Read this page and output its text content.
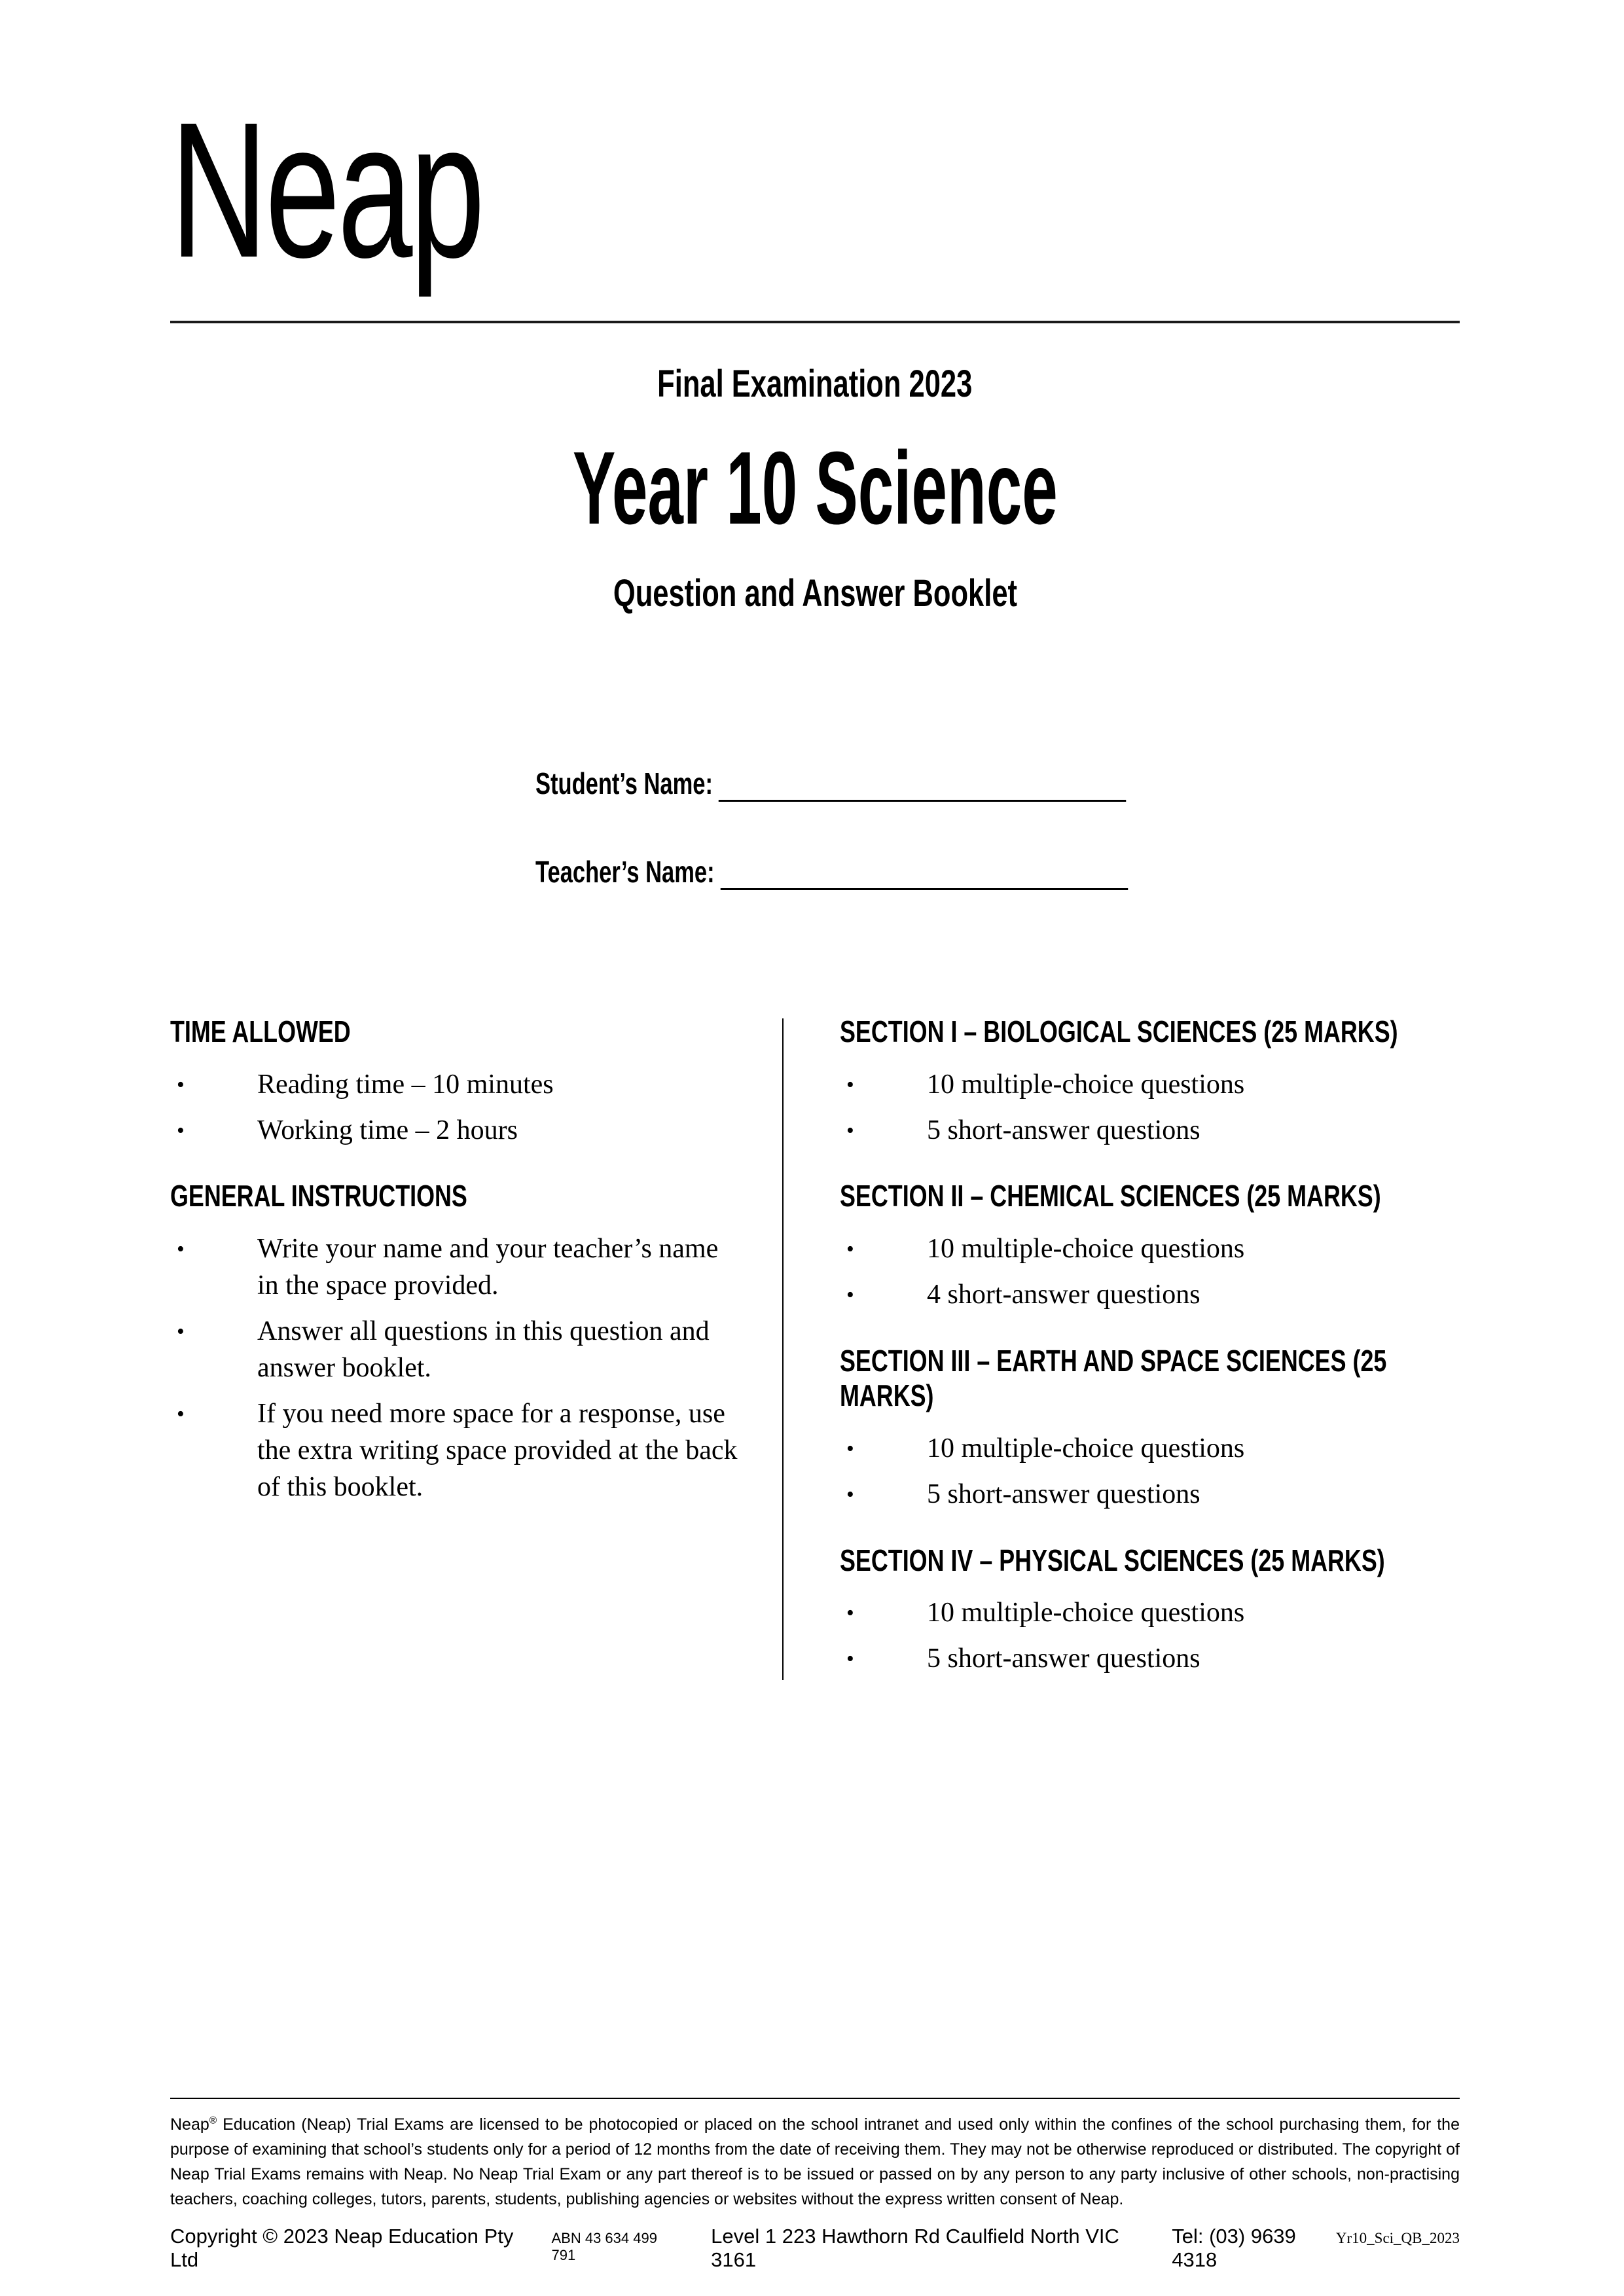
Neap
Final Examination 2023
Year 10 Science
Question and Answer Booklet
Student’s Name:
Teacher’s Name:
TIME ALLOWED
•	Reading time – 10 minutes
•	Working time – 2 hours
GENERAL INSTRUCTIONS
•	Write your name and your teacher’s name in the space provided.
•	Answer all questions in this question and answer booklet.
•	If you need more space for a response, use the extra writing space provided at the back of this booklet.
SECTION I – BIOLOGICAL SCIENCES (25 MARKS)
•	10 multiple-choice questions
•	5 short-answer questions
SECTION II – CHEMICAL SCIENCES (25 MARKS)
•	10 multiple-choice questions
•	4 short-answer questions
SECTION III – EARTH AND SPACE SCIENCES (25 MARKS)
•	10 multiple-choice questions
•	5 short-answer questions
SECTION IV – PHYSICAL SCIENCES (25 MARKS)
•	10 multiple-choice questions
•	5 short-answer questions

Neap® Education (Neap) Trial Exams are licensed to be photocopied or placed on the school intranet and used only within the confines of the school purchasing them, for the purpose of examining that school’s students only for a period of 12 months from the date of receiving them. They may not be otherwise reproduced or distributed. The copyright of Neap Trial Exams remains with Neap. No Neap Trial Exam or any part thereof is to be issued or passed on by any person to any party inclusive of other schools, non-practising teachers, coaching colleges, tutors, parents, students, publishing agencies or websites without the express written consent of Neap.

Copyright © 2023 Neap Education Pty Ltd
ABN 43 634 499 791
Level 1 223 Hawthorn Rd Caulfield North VIC 3161
Tel: (03) 9639 4318
Yr10_Sci_QB_2023
